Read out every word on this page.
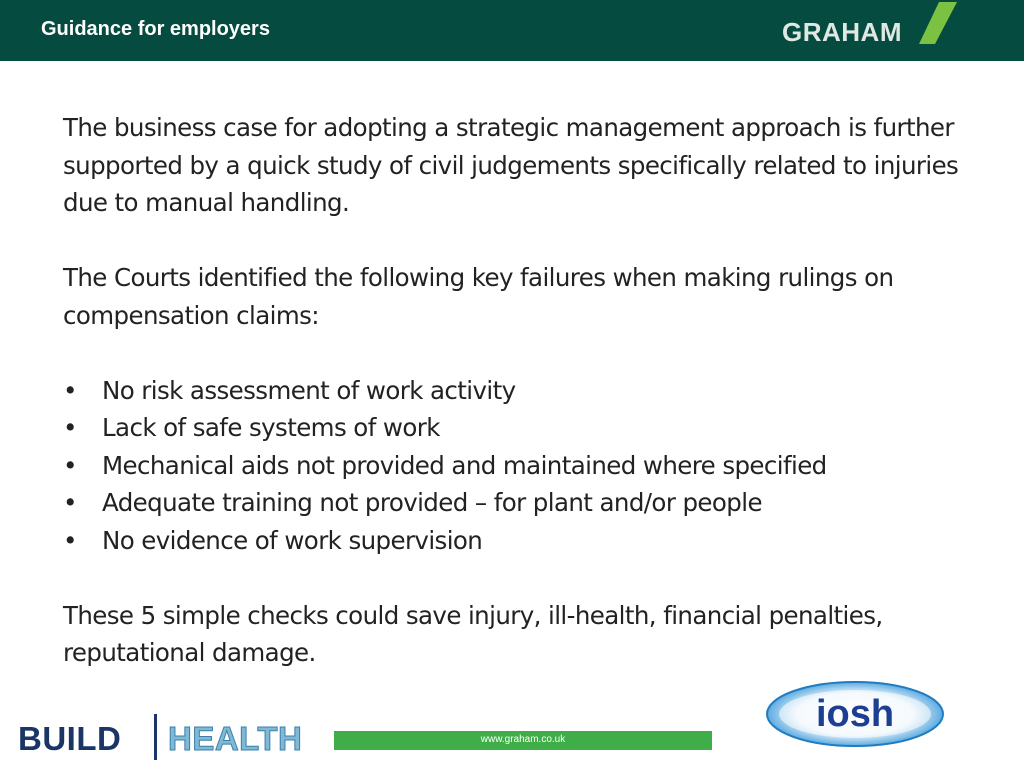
Guidance for employers	GRAHAM

The business case for adopting a strategic management approach is further supported by a quick study of civil judgements specifically related to injuries due to manual handling.

The Courts identified the following key failures when making rulings on compensation claims:

• No risk assessment of work activity
• Lack of safe systems of work
• Mechanical aids not provided and maintained where specified
• Adequate training not provided – for plant and/or people
• No evidence of work supervision

These 5 simple checks could save injury, ill-health, financial penalties, reputational damage.

BUILD HEALTH	www.graham.co.uk
iosh
